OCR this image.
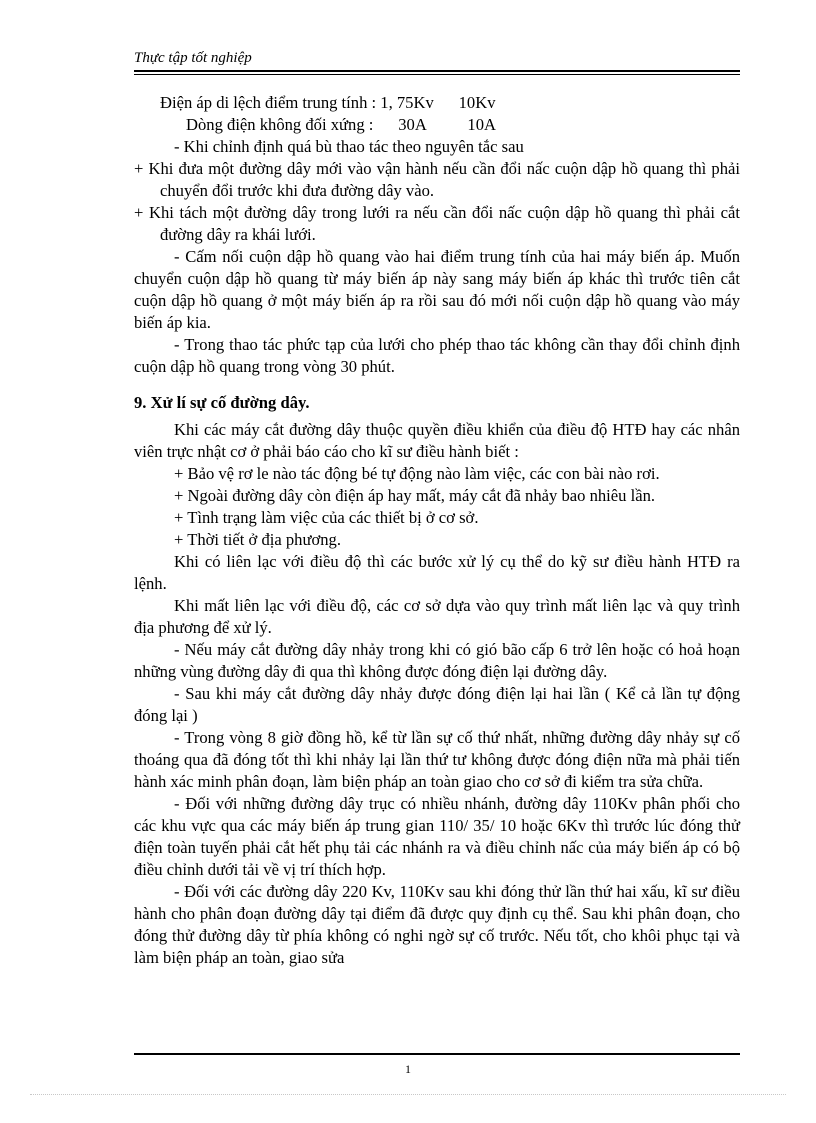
Thực tập tốt nghiệp

Điện áp di lệch điểm trung tính : 1, 75Kv      10Kv

Dòng điện không đối xứng :      30A          10A

- Khi chỉnh định quá bù thao tác theo nguyên tắc sau

+ Khi đưa một đường dây mới vào vận hành nếu cần đổi nấc cuộn dập hồ quang thì phải chuyển đổi trước khi đưa đường dây vào.

+ Khi tách một đường dây trong lưới ra nếu cần đổi nấc cuộn dập hồ quang thì phải cắt đường dây ra khái lưới.

- Cấm nối cuộn dập hồ quang vào hai điểm trung tính của hai máy biến áp. Muốn chuyển cuộn dập hồ quang từ máy biến áp này sang máy biến áp khác thì trước tiên cắt cuộn dập hồ quang ở một máy biến áp ra rồi sau đó mới nối cuộn dập hồ quang vào máy biến áp kia.

- Trong thao tác phức tạp của lưới cho phép thao tác không cần thay đổi chỉnh định cuộn dập hồ quang trong vòng 30 phút.

9. Xử lí sự cố đường dây.

Khi các máy cắt đường dây thuộc quyền điều khiển của điều độ HTĐ hay các nhân viên trực nhật cơ ở phải báo cáo cho kĩ sư điều hành biết :

+ Bảo vệ rơ le nào tác động bé tự động nào làm việc, các con bài nào rơi.

+ Ngoài đường dây còn điện áp hay mất, máy cắt đã nhảy bao nhiêu lần.

+ Tình trạng làm việc của các thiết bị ở cơ sở.

+ Thời tiết ở địa phương.

Khi có liên lạc với điều độ thì các bước xử lý cụ thể do kỹ sư điều hành HTĐ ra lệnh.

Khi mất liên lạc với điều độ, các cơ sở dựa vào quy trình mất liên lạc và quy trình địa phương để xử lý.

- Nếu máy cắt đường dây nhảy trong khi có gió bão cấp 6 trở lên hoặc có hoả hoạn những vùng đường dây đi qua thì không được đóng điện lại đường dây.

- Sau khi máy cắt đường dây nhảy được đóng điện lại hai lần ( Kể cả lần tự động đóng lại )

- Trong vòng 8 giờ đồng hồ, kể từ lần sự cố thứ nhất, những đường dây nhảy sự cố thoáng qua đã đóng tốt thì khi nhảy lại lần thứ tư không được đóng điện nữa mà phải tiến hành xác minh phân đoạn, làm biện pháp an toàn giao cho cơ sở đi kiểm tra sửa chữa.

- Đối với những đường dây trục có nhiều nhánh, đường dây 110Kv phân phối cho các khu vực qua các máy biến áp trung gian 110/ 35/ 10 hoặc 6Kv thì trước lúc đóng thử điện toàn tuyến phải cắt hết phụ tải các nhánh ra và điều chỉnh nấc của máy biến áp có bộ điều chỉnh dưới tải về vị trí thích hợp.

- Đối với các đường dây 220 Kv, 110Kv sau khi đóng thử lần thứ hai xấu, kĩ sư điều hành cho phân đoạn đường dây tại điểm đã được quy định cụ thể. Sau khi phân đoạn, cho đóng thử đường dây từ phía không có nghi ngờ sự cố trước. Nếu tốt, cho khôi phục tại và làm biện pháp an toàn, giao sửa

1
